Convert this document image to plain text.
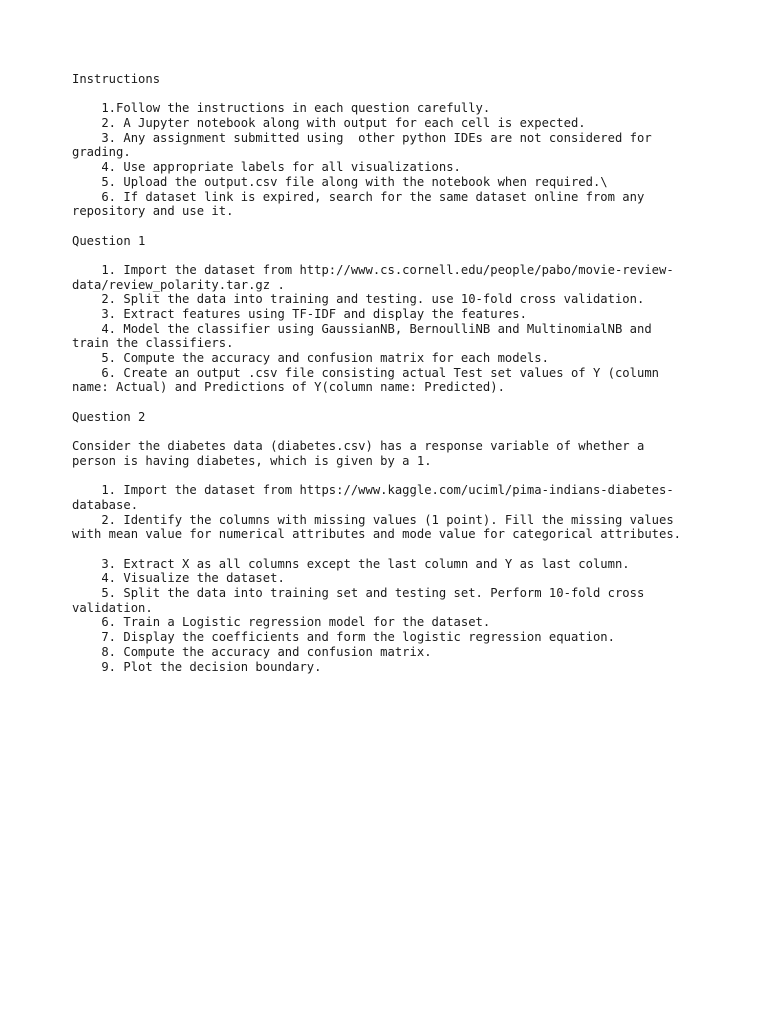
Instructions
1.Follow the instructions in each question carefully.
2. A Jupyter notebook along with output for each cell is expected.
3. Any assignment submitted using  other python IDEs are not considered for
grading.
4. Use appropriate labels for all visualizations.
5. Upload the output.csv file along with the notebook when required.\
6. If dataset link is expired, search for the same dataset online from any
repository and use it.
Question 1
1. Import the dataset from http://www.cs.cornell.edu/people/pabo/movie-review-
data/review_polarity.tar.gz .
2. Split the data into training and testing. use 10-fold cross validation.
3. Extract features using TF-IDF and display the features.
4. Model the classifier using GaussianNB, BernoulliNB and MultinomialNB and
train the classifiers.
5. Compute the accuracy and confusion matrix for each models.
6. Create an output .csv file consisting actual Test set values of Y (column
name: Actual) and Predictions of Y(column name: Predicted).
Question 2
Consider the diabetes data (diabetes.csv) has a response variable of whether a
person is having diabetes, which is given by a 1.
1. Import the dataset from https://www.kaggle.com/uciml/pima-indians-diabetes-
database.
2. Identify the columns with missing values (1 point). Fill the missing values
with mean value for numerical attributes and mode value for categorical attributes.
3. Extract X as all columns except the last column and Y as last column.
4. Visualize the dataset.
5. Split the data into training set and testing set. Perform 10-fold cross
validation.
6. Train a Logistic regression model for the dataset.
7. Display the coefficients and form the logistic regression equation.
8. Compute the accuracy and confusion matrix.
9. Plot the decision boundary.
